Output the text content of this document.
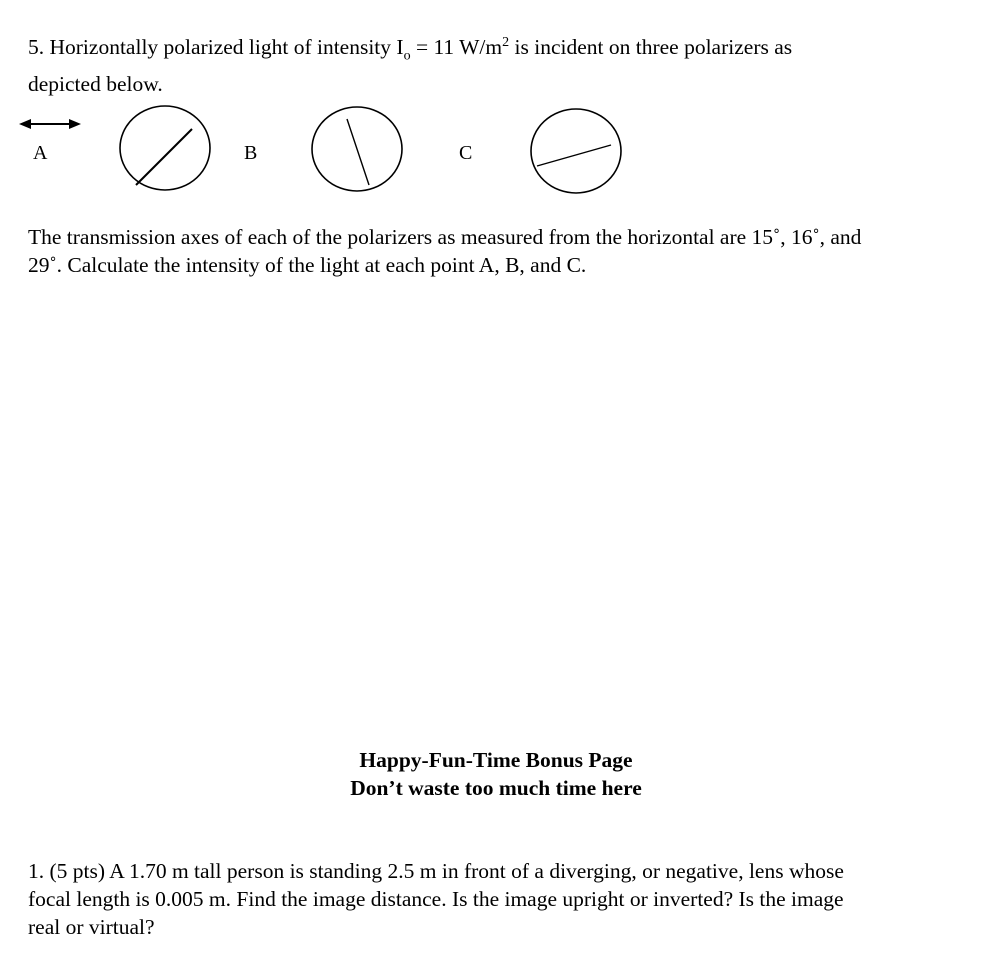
5. Horizontally polarized light of intensity $I_o = 11$ $W/m^2$ is incident on three polarizers as
depicted below.
A	B	C
The transmission axes of each of the polarizers as measured from the horizontal are 15˚, 16˚, and
29˚. Calculate the intensity of the light at each point A, B, and C.
Happy-Fun-Time Bonus Page
Don’t waste too much time here
1. (5 pts) A 1.70 m tall person is standing 2.5 m in front of a diverging, or negative, lens whose
focal length is 0.005 m. Find the image distance. Is the image upright or inverted? Is the image
real or virtual?
